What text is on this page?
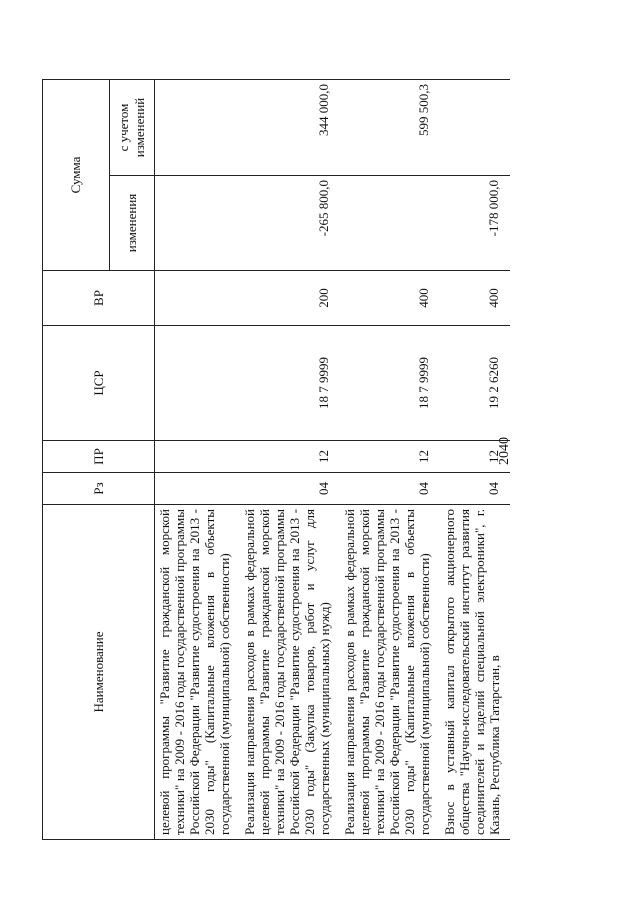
Наименование	Рз	ПР	ЦСР	ВР	Сумма	
					изменения	с учетом изменений
целевой программы "Развитие гражданской морской техники" на 2009 - 2016 годы государственной программы Российской Федерации "Развитие судостроения на 2013 - 2030 годы" (Капитальные вложения в объекты государственной (муниципальной) собственности)						
Реализация направления расходов в рамках федеральной целевой программы "Развитие гражданской морской техники" на 2009 - 2016 годы государственной программы Российской Федерации "Развитие судостроения на 2013 - 2030 годы" (Закупка товаров, работ и услуг для государственных (муниципальных) нужд)	04	12	18 7 9999	200	-265 800,0	344 000,0
Реализация направления расходов в рамках федеральной целевой программы "Развитие гражданской морской техники" на 2009 - 2016 годы государственной программы Российской Федерации "Развитие судостроения на 2013 - 2030 годы" (Капитальные вложения в объекты государственной (муниципальной) собственности)	04	12	18 7 9999	400		599 500,3
Взнос в уставный капитал открытого акционерного общества "Научно-исследовательский институт развития соединителей и изделий специальной электроники", г. Казань, Республика Татарстан, в	04	12	19 2 6260	400	-178 000,0	
2040
